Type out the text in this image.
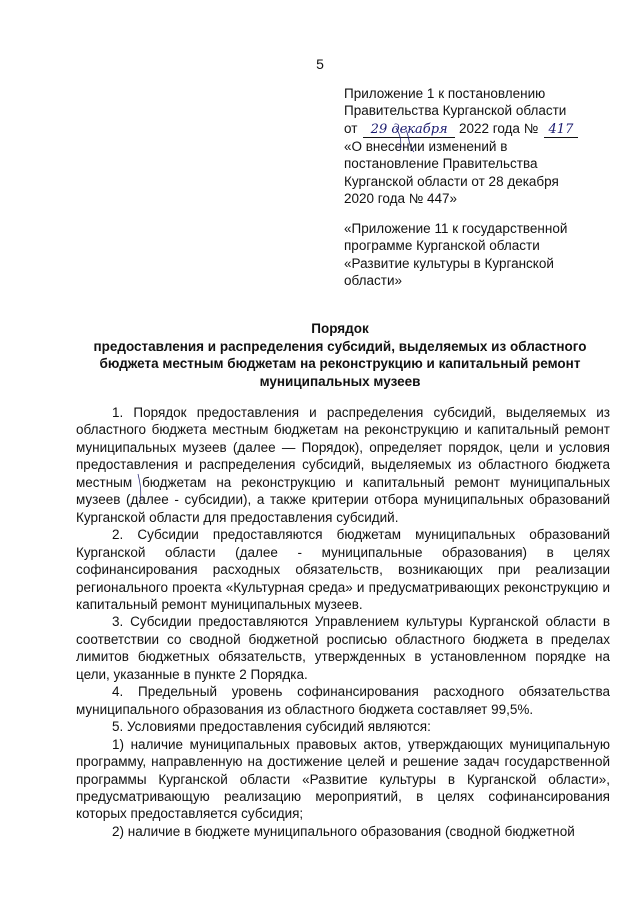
5
Приложение 1 к постановлению
Правительства Курганской области
от 29 декабря 2022 года № 417
«О внесении изменений в
постановление Правительства
Курганской области от 28 декабря
2020 года № 447»
«Приложение 11 к государственной
программе Курганской области
«Развитие культуры в Курганской
области»
Порядок
предоставления и распределения субсидий, выделяемых из областного
бюджета местным бюджетам на реконструкцию и капитальный ремонт
муниципальных музеев

1. Порядок предоставления и распределения субсидий, выделяемых из областного бюджета местным бюджетам на реконструкцию и капитальный ремонт муниципальных музеев (далее — Порядок), определяет порядок, цели и условия предоставления и распределения субсидий, выделяемых из областного бюджета местным бюджетам на реконструкцию и капитальный ремонт муниципальных музеев (далее - субсидии), а также критерии отбора муниципальных образований Курганской области для предоставления субсидий.

2. Субсидии предоставляются бюджетам муниципальных образований Курганской области (далее - муниципальные образования) в целях софинансирования расходных обязательств, возникающих при реализации регионального проекта «Культурная среда» и предусматривающих реконструкцию и капитальный ремонт муниципальных музеев.

3. Субсидии предоставляются Управлением культуры Курганской области в соответствии со сводной бюджетной росписью областного бюджета в пределах лимитов бюджетных обязательств, утвержденных в установленном порядке на цели, указанные в пункте 2 Порядка.

4. Предельный уровень софинансирования расходного обязательства муниципального образования из областного бюджета составляет 99,5%.

5. Условиями предоставления субсидий являются:

1) наличие муниципальных правовых актов, утверждающих муниципальную программу, направленную на достижение целей и решение задач государственной программы Курганской области «Развитие культуры в Курганской области», предусматривающую реализацию мероприятий, в целях софинансирования которых предоставляется субсидия;

2) наличие в бюджете муниципального образования (сводной бюджетной
